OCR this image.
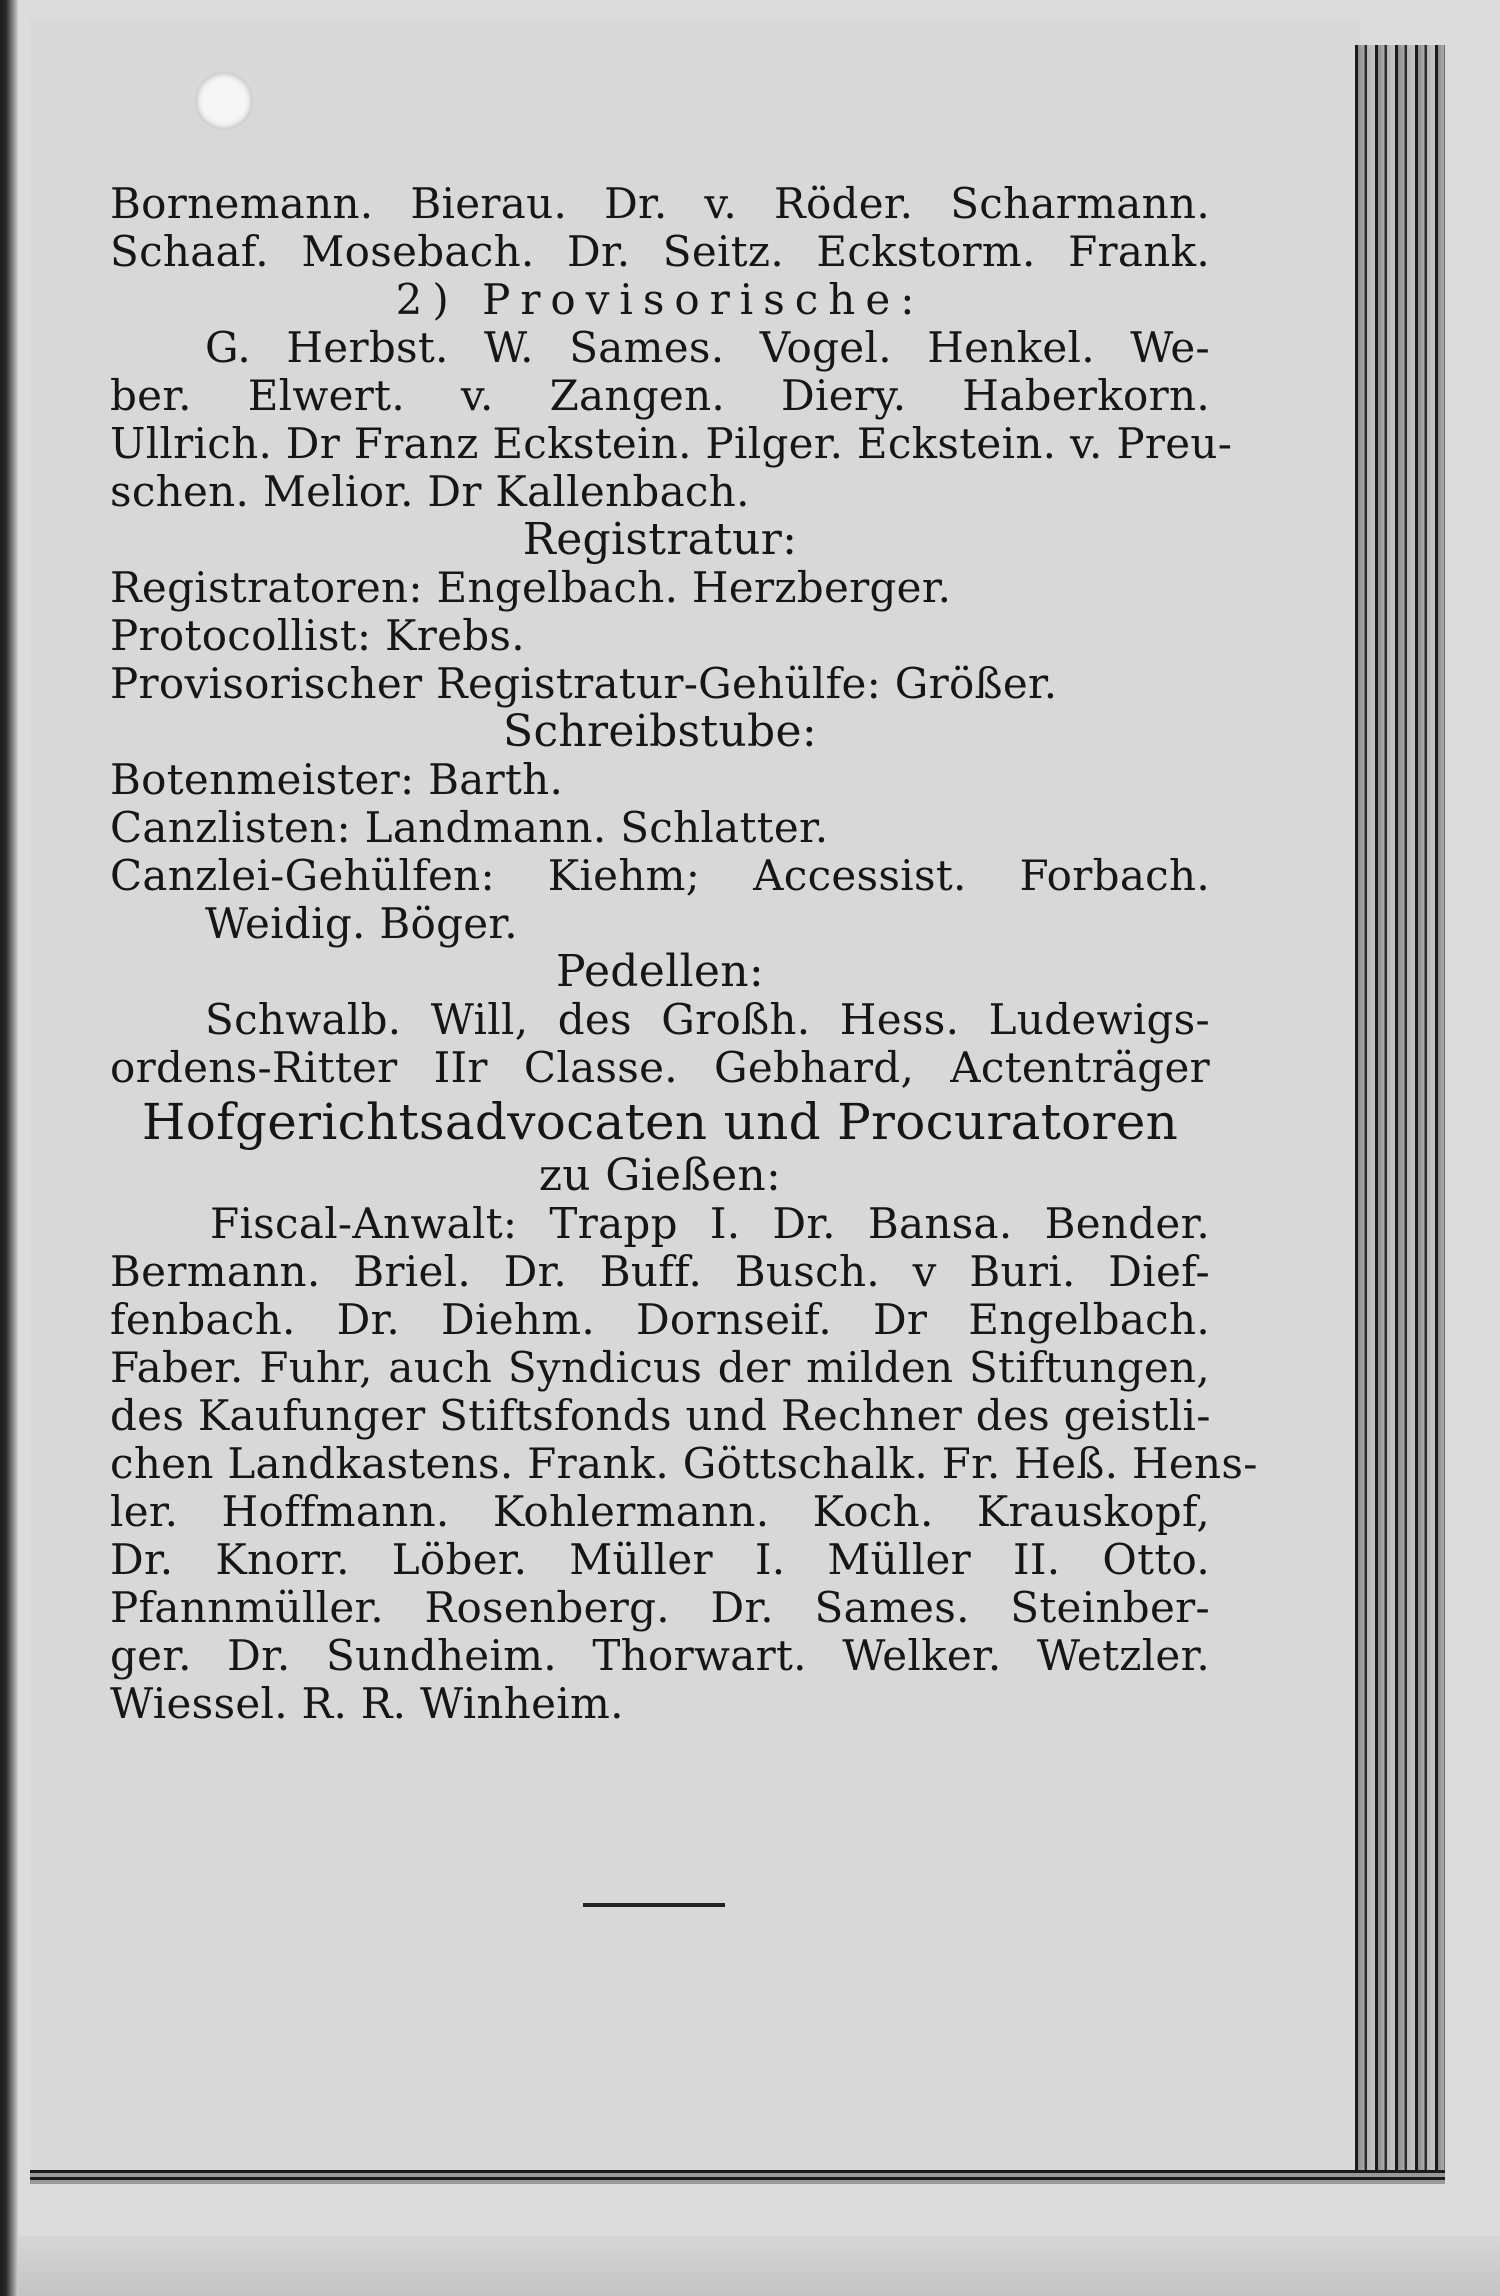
Bornemann. Bierau. Dr. v. Röder. Scharmann.
Schaaf. Mosebach. Dr. Seitz. Eckstorm. Frank.
2) Provisorische:
G. Herbst. W. Sames. Vogel. Henkel. We-
ber. Elwert. v. Zangen. Diery. Haberkorn.
Ullrich. Dr Franz Eckstein. Pilger. Eckstein. v. Preu-
schen. Melior. Dr Kallenbach.
Registratur:
Registratoren: Engelbach. Herzberger.
Protocollist: Krebs.
Provisorischer Registratur-Gehülfe: Größer.
Schreibstube:
Botenmeister: Barth.
Canzlisten: Landmann. Schlatter.
Canzlei-Gehülfen: Kiehm; Accessist. Forbach.
Weidig. Böger.
Pedellen:
Schwalb. Will, des Großh. Hess. Ludewigs-
ordens-Ritter IIr Classe. Gebhard, Actenträger
Hofgerichtsadvocaten und Procuratoren
zu Gießen:
Fiscal-Anwalt: Trapp I. Dr. Bansa. Bender.
Bermann. Briel. Dr. Buff. Busch. v Buri. Dief-
fenbach. Dr. Diehm. Dornseif. Dr Engelbach.
Faber. Fuhr, auch Syndicus der milden Stiftungen,
des Kaufunger Stiftsfonds und Rechner des geistli-
chen Landkastens. Frank. Göttschalk. Fr. Heß. Hens-
ler. Hoffmann. Kohlermann. Koch. Krauskopf,
Dr. Knorr. Löber. Müller I. Müller II. Otto.
Pfannmüller. Rosenberg. Dr. Sames. Steinber-
ger. Dr. Sundheim. Thorwart. Welker. Wetzler.
Wiessel. R. R. Winheim.
